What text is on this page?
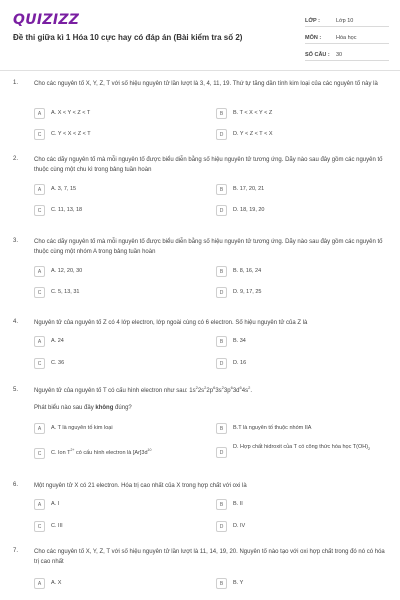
QUIZIZZ
Đề thi giữa kì 1 Hóa 10 cực hay có đáp án (Bài kiểm tra số 2)
LỚP :	Lớp 10
MÔN :	Hóa học
SỐ CÂU :	30
1.	Cho các nguyên tố X, Y, Z, T với số hiệu nguyên tử lần lượt là 3, 4, 11, 19. Thứ tự tăng dần tính kim loại của các nguyên tố này là
A	A. X < Y < Z < T	B	B. T < X < Y < Z
C	C. Y < X < Z < T	D	D. Y < Z < T < X
2.	Cho các dãy nguyên tố mà mỗi nguyên tố được biểu diễn bằng số hiệu nguyên tử tương ứng. Dãy nào sau đây gồm các nguyên tố thuộc cùng một chu kì trong bảng tuần hoàn
A	A. 3, 7, 15	B	B. 17, 20, 21
C	C. 11, 13, 18	D	D. 18, 19, 20
3.	Cho các dãy nguyên tố mà mỗi nguyên tố được biểu diễn bằng số hiệu nguyên tử tương ứng. Dãy nào sau đây gồm các nguyên tố thuộc cùng một nhóm A trong bảng tuần hoàn
A	A. 12, 20, 30	B	B. 8, 16, 24
C	C. 5, 13, 31	D	D. 9, 17, 25
4.	Nguyên tử của nguyên tố Z có 4 lớp electron, lớp ngoài cùng có 6 electron. Số hiệu nguyên tử của Z là
A	A. 24	B	B. 34
C	C. 36	D	D. 16
5.	Nguyên tử của nguyên tố T có cấu hình electron như sau: $1s^22s^22p^63s^23p^63d^64s^2$.
Phát biểu nào sau đây không đúng?
A	A. T là nguyên tố kim loại	B	B.T là nguyên tố thuộc nhóm IIA
C	C. Ion $T^{2+}$ có cấu hình electron là $[Ar]3d^{10}$	D
D. Hợp chất hidroxit của T có công thức hóa học $T(OH)_2$
6.	Một nguyên tử X có 21 electron. Hóa trị cao nhất của X trong hợp chất với oxi là
A	A. I	B	B. II
C	C. III	D	D. IV
7.	Cho các nguyên tố X, Y, Z, T với số hiệu nguyên tử lần lượt là 11, 14, 19, 20. Nguyên tố nào tạo với oxi hợp chất trong đó nó có hóa trị cao nhất
A	A. X	B	B. Y
